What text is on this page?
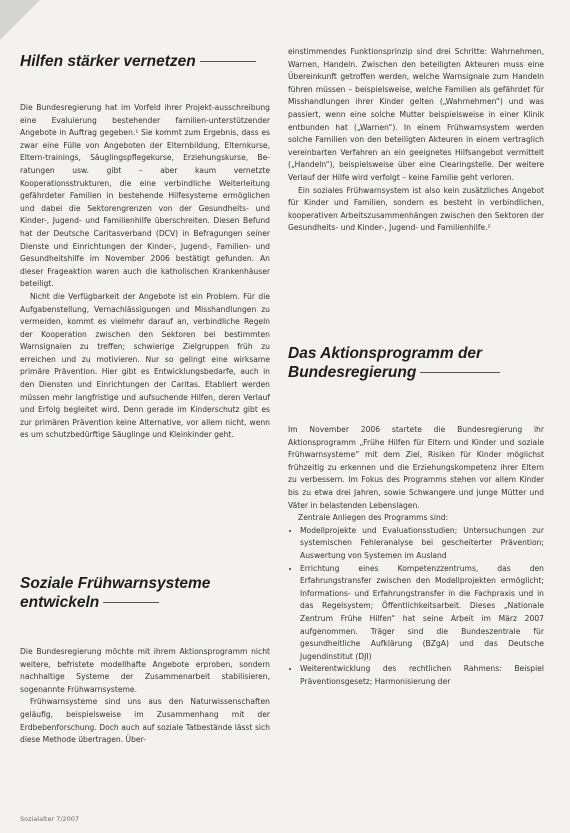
Hilfen stärker vernetzen

Die Bundesregierung hat im Vorfeld ihrer Projekt-ausschreibung eine Evaluierung bestehender familien-unterstützender Angebote in Auftrag gegeben.¹ Sie kommt zum Ergebnis, dass es zwar eine Fülle von Angeboten der Elternbildung, Elternkurse, Eltern-trainings, Säuglingspflegekurse, Erziehungskurse, Be-ratungen usw. gibt – aber kaum vernetzte Kooperationsstrukturen, die eine verbindliche Weiterleitung gefährdeter Familien in bestehende Hilfesysteme ermöglichen und dabei die Sektorengrenzen von der Gesundheits- und Kinder-, Jugend- und Familienhilfe überschreiten. Diesen Befund hat der Deutsche Caritasverband (DCV) in Befragungen seiner Dienste und Einrichtungen der Kinder-, Jugend-, Familien- und Gesundheitshilfe im November 2006 bestätigt gefunden. An dieser Frageaktion waren auch die katholischen Krankenhäuser beteiligt.

Nicht die Verfügbarkeit der Angebote ist ein Problem. Für die Aufgabenstellung, Vernachlässigungen und Misshandlungen zu vermeiden, kommt es vielmehr darauf an, verbindliche Regeln der Kooperation zwischen den Sektoren bei bestimmten Warnsignalen zu treffen; schwierige Zielgruppen früh zu erreichen und zu motivieren. Nur so gelingt eine wirksame primäre Prävention. Hier gibt es Entwicklungsbedarfe, auch in den Diensten und Einrichtungen der Caritas. Etabliert werden müssen mehr langfristige und aufsuchende Hilfen, deren Verlauf und Erfolg begleitet wird. Denn gerade im Kinderschutz gibt es zur primären Prävention keine Alternative, vor allem nicht, wenn es um schutzbedürftige Säuglinge und Kleinkinder geht.

Soziale Frühwarnsysteme
entwickeln

Die Bundesregierung möchte mit ihrem Aktionsprogramm nicht weitere, befristete modellhafte Angebote erproben, sondern nachhaltige Systeme der Zusammenarbeit stabilisieren, sogenannte Frühwarnsysteme.

Frühwarnsysteme sind uns aus den Naturwissenschaften geläufig, beispielsweise im Zusammenhang mit der Erdbebenforschung. Doch auch auf soziale Tatbestände lässt sich diese Methode übertragen. Über-

einstimmendes Funktionsprinzip sind drei Schritte: Wahrnehmen, Warnen, Handeln. Zwischen den beteiligten Akteuren muss eine Übereinkunft getroffen werden, welche Warnsignale zum Handeln führen müssen – beispielsweise, welche Familien als gefährdet für Misshandlungen ihrer Kinder gelten („Wahrnehmen“) und was passiert, wenn eine solche Mutter beispielsweise in einer Klinik entbunden hat („Warnen“). In einem Frühwarnsystem werden solche Familien von den beteiligten Akteuren in einem vertraglich vereinbarten Verfahren an ein geeignetes Hilfsangebot vermittelt („Handeln“), beispielsweise über eine Clearingstelle. Der weitere Verlauf der Hilfe wird verfolgt – keine Familie geht verloren.

Ein soziales Frühwarnsystem ist also kein zusätzliches Angebot für Kinder und Familien, sondern es besteht in verbindlichen, kooperativen Arbeitszusammenhängen zwischen den Sektoren der Gesundheits- und Kinder-, Jugend- und Familienhilfe.²

Das Aktionsprogramm der
Bundesregierung

Im November 2006 startete die Bundesregierung ihr Aktionsprogramm „Frühe Hilfen für Eltern und Kinder und soziale Frühwarnsysteme“ mit dem Ziel, Risiken für Kinder möglichst frühzeitig zu erkennen und die Erziehungskompetenz ihrer Eltern zu verbessern. Im Fokus des Programms stehen vor allem Kinder bis zu etwa drei Jahren, sowie Schwangere und junge Mütter und Väter in belastenden Lebenslagen.

Zentrale Anliegen des Programms sind:

• Modellprojekte und Evaluationsstudien; Untersuchungen zur systemischen Fehleranalyse bei gescheiterter Prävention; Auswertung von Systemen im Ausland
• Errichtung eines Kompetenzzentrums, das den Erfahrungstransfer zwischen den Modellprojekten ermöglicht; Informations- und Erfahrungstransfer in die Fachpraxis und in das Regelsystem; Öffentlichkeitsarbeit. Dieses „Nationale Zentrum Frühe Hilfen“ hat seine Arbeit im März 2007 aufgenommen. Träger sind die Bundeszentrale für gesundheitliche Aufklärung (BZgA) und das Deutsche Jugendinstitut (DJI)
• Weiterentwicklung des rechtlichen Rahmens: Beispiel Präventionsgesetz; Harmonisierung der
Sozialalter 7/2007
